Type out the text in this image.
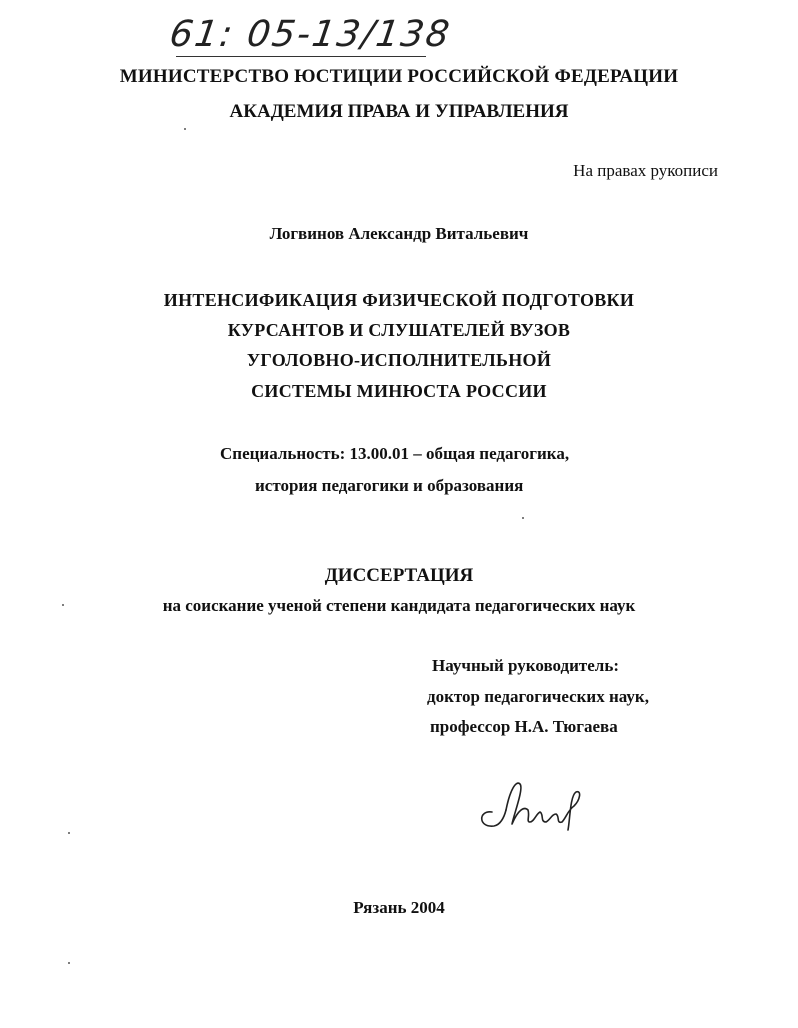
61: 05-13/138
МИНИСТЕРСТВО ЮСТИЦИИ РОССИЙСКОЙ ФЕДЕРАЦИИ
АКАДЕМИЯ ПРАВА И УПРАВЛЕНИЯ
На правах рукописи
Логвинов Александр Витальевич
ИНТЕНСИФИКАЦИЯ ФИЗИЧЕСКОЙ ПОДГОТОВКИ
КУРСАНТОВ И СЛУШАТЕЛЕЙ ВУЗОВ
УГОЛОВНО-ИСПОЛНИТЕЛЬНОЙ
СИСТЕМЫ МИНЮСТА РОССИИ
Специальность: 13.00.01 – общая педагогика,
история педагогики и образования
ДИССЕРТАЦИЯ
на соискание ученой степени кандидата педагогических наук
Научный руководитель:
доктор педагогических наук,
профессор Н.А. Тюгаева
Рязань 2004
